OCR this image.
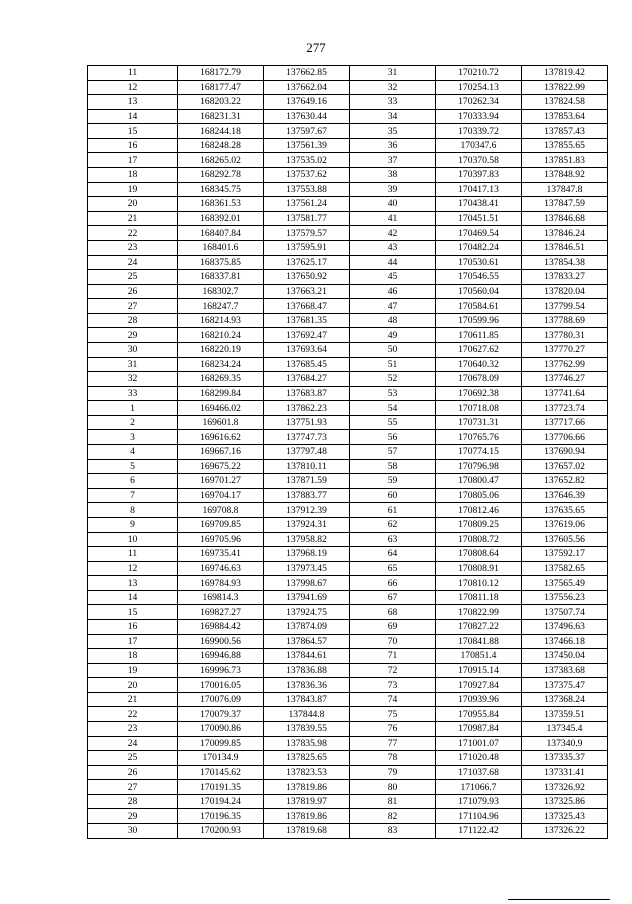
277
11	168172.79	137662.85	31	170210.72	137819.42
12	168177.47	137662.04	32	170254.13	137822.99
13	168203.22	137649.16	33	170262.34	137824.58
14	168231.31	137630.44	34	170333.94	137853.64
15	168244.18	137597.67	35	170339.72	137857.43
16	168248.28	137561.39	36	170347.6	137855.65
17	168265.02	137535.02	37	170370.58	137851.83
18	168292.78	137537.62	38	170397.83	137848.92
19	168345.75	137553.88	39	170417.13	137847.8
20	168361.53	137561.24	40	170438.41	137847.59
21	168392.01	137581.77	41	170451.51	137846.68
22	168407.84	137579.57	42	170469.54	137846.24
23	168401.6	137595.91	43	170482.24	137846.51
24	168375.85	137625.17	44	170530.61	137854.38
25	168337.81	137650.92	45	170546.55	137833.27
26	168302.7	137663.21	46	170560.04	137820.04
27	168247.7	137668.47	47	170584.61	137799.54
28	168214.93	137681.35	48	170599.96	137788.69
29	168210.24	137692.47	49	170611.85	137780.31
30	168220.19	137693.64	50	170627.62	137770.27
31	168234.24	137685.45	51	170640.32	137762.99
32	168269.35	137684.27	52	170678.09	137746.27
33	168299.84	137683.87	53	170692.38	137741.64
1	169466.02	137862.23	54	170718.08	137723.74
2	169601.8	137751.93	55	170731.31	137717.66
3	169616.62	137747.73	56	170765.76	137706.66
4	169667.16	137797.48	57	170774.15	137690.94
5	169675.22	137810.11	58	170796.98	137657.02
6	169701.27	137871.59	59	170800.47	137652.82
7	169704.17	137883.77	60	170805.06	137646.39
8	169708.8	137912.39	61	170812.46	137635.65
9	169709.85	137924.31	62	170809.25	137619.06
10	169705.96	137958.82	63	170808.72	137605.56
11	169735.41	137968.19	64	170808.64	137592.17
12	169746.63	137973.45	65	170808.91	137582.65
13	169784.93	137998.67	66	170810.12	137565.49
14	169814.3	137941.69	67	170811.18	137556.23
15	169827.27	137924.75	68	170822.99	137507.74
16	169884.42	137874.09	69	170827.22	137496.63
17	169900.56	137864.57	70	170841.88	137466.18
18	169946.88	137844.61	71	170851.4	137450.04
19	169996.73	137836.88	72	170915.14	137383.68
20	170016.05	137836.36	73	170927.84	137375.47
21	170076.09	137843.87	74	170939.96	137368.24
22	170079.37	137844.8	75	170955.84	137359.51
23	170090.86	137839.55	76	170987.84	137345.4
24	170099.85	137835.98	77	171001.07	137340.9
25	170134.9	137825.65	78	171020.48	137335.37
26	170145.62	137823.53	79	171037.68	137331.41
27	170191.35	137819.86	80	171066.7	137326.92
28	170194.24	137819.97	81	171079.93	137325.86
29	170196.35	137819.86	82	171104.96	137325.43
30	170200.93	137819.68	83	171122.42	137326.22
